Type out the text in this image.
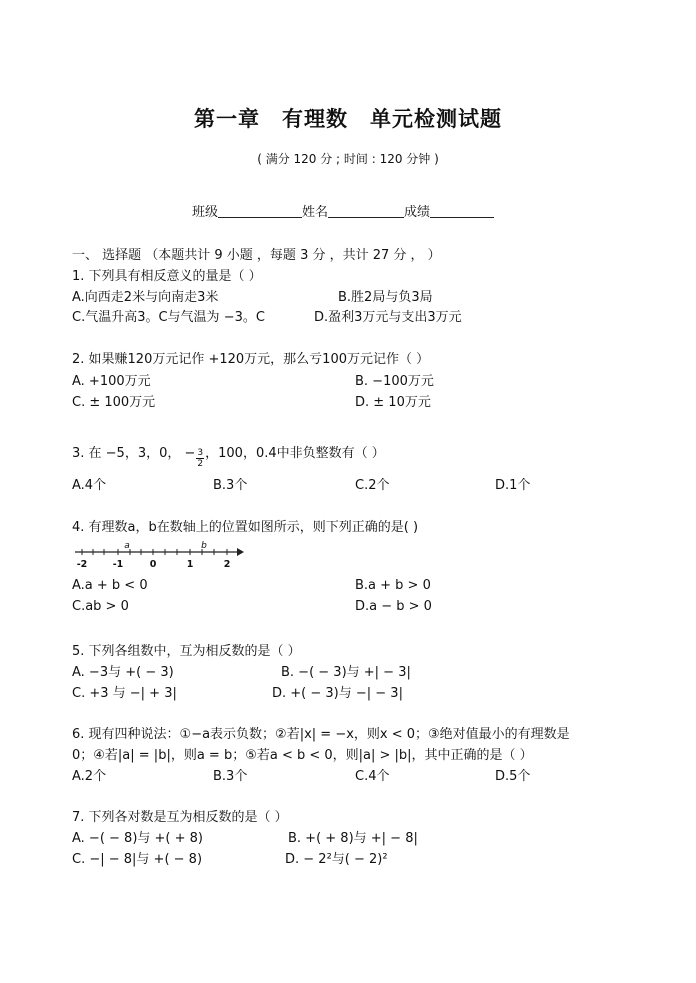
第一章　有理数　单元检测试题
( 满分 120 分 ; 时间 : 120 分钟 )
班级	姓名	成绩
一、 选择题 （本题共计 9 小题 ，每题 3 分 ，共计 27 分 ， ）
1. 下列具有相反意义的量是（ ）
A.向西走2米与向南走3米	B.胜2局与负3局
C.气温升高3。C与气温为 −3。C	D.盈利3万元与支出3万元
2. 如果赚120万元记作 +120万元，那么亏100万元记作（ ）
A. +100万元	B. −100万元
C. ± 100万元	D. ± 10万元
3. 在 −5，3，0， − $\frac{3}{2}$ ，100，0.4中非负整数有（ ）
A.4个	B.3个	C.2个	D.1个
4. 有理数a，b在数轴上的位置如图所示，则下列正确的是( )
-2	-1	0	1	2
a	b
A.a + b < 0	B.a + b > 0
C.ab > 0	D.a − b > 0
5. 下列各组数中，互为相反数的是（ ）
A. −3与 +( − 3)	B. −( − 3)与 +| − 3|
C. +3 与 −| + 3|	D. +( − 3)与 −| − 3|
6. 现有四种说法：①−a表示负数；②若|x| = −x，则x < 0；③绝对值最小的有理数是
0；④若|a| = |b|，则a = b；⑤若a < b < 0，则|a| > |b|，其中正确的是（ ）
A.2个	B.3个	C.4个	D.5个
7. 下列各对数是互为相反数的是（ ）
A. −( − 8)与 +( + 8)	B. +( + 8)与 +| − 8|
C. −| − 8|与 +( − 8)	D. − 2²与( − 2)²
